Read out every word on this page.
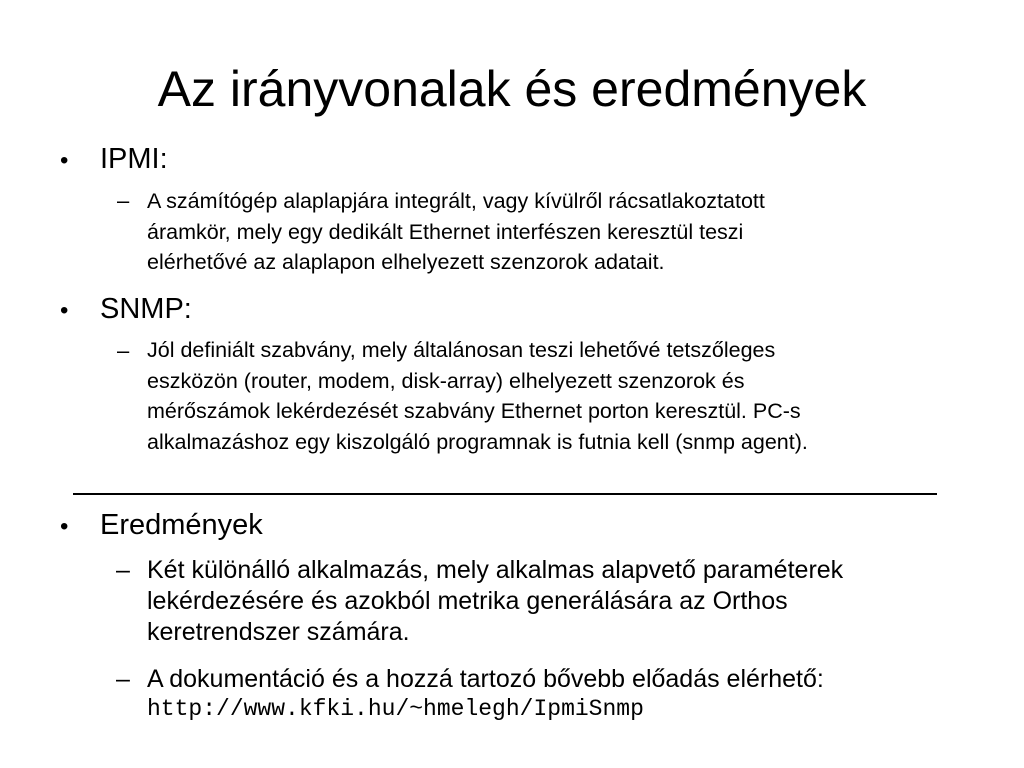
Az irányvonalak és eredmények
• IPMI:
– A számítógép alaplapjára integrált, vagy kívülről rácsatlakoztatott
áramkör, mely egy dedikált Ethernet interfészen keresztül teszi
elérhetővé az alaplapon elhelyezett szenzorok adatait.
• SNMP:
– Jól definiált szabvány, mely általánosan teszi lehetővé tetszőleges
eszközön (router, modem, disk-array) elhelyezett szenzorok és
mérőszámok lekérdezését szabvány Ethernet porton keresztül. PC-s
alkalmazáshoz egy kiszolgáló programnak is futnia kell (snmp agent).
• Eredmények
– Két különálló alkalmazás, mely alkalmas alapvető paraméterek
lekérdezésére és azokból metrika generálására az Orthos
keretrendszer számára.
– A dokumentáció és a hozzá tartozó bővebb előadás elérhető:
http://www.kfki.hu/~hmelegh/IpmiSnmp
